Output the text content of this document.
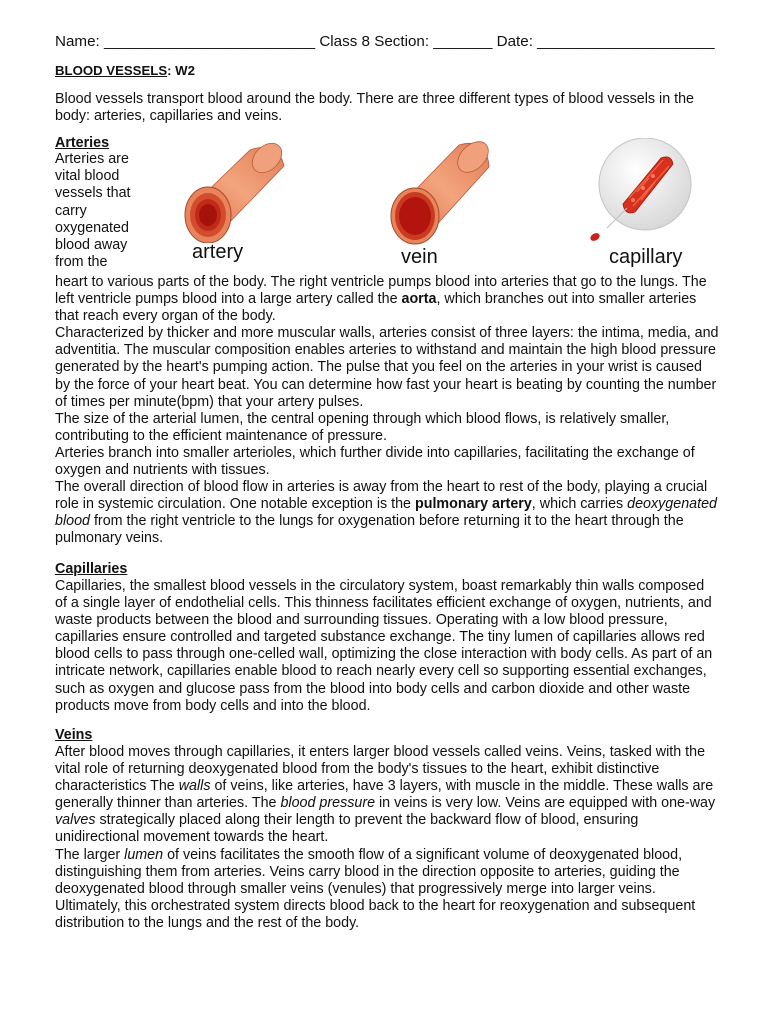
Name: _________________________ Class 8 Section: _______ Date: _____________________
BLOOD VESSELS: W2
Blood vessels transport blood around the body. There are three different types of blood vessels in the body: arteries, capillaries and veins.
Arteries
Arteries are
vital blood
vessels that
carry
oxygenated
blood away
from the	artery	vein	capillary

heart to various parts of the body. The right ventricle pumps blood into arteries that go to the lungs. The left ventricle pumps blood into a large artery called the aorta, which branches out into smaller arteries that reach every organ of the body.

Characterized by thicker and more muscular walls, arteries consist of three layers: the intima, media, and adventitia. The muscular composition enables arteries to withstand and maintain the high blood pressure generated by the heart's pumping action. The pulse that you feel on the arteries in your wrist is caused by the force of your heart beat. You can determine how fast your heart is beating by counting the number of times per minute(bpm) that your artery pulses.

The size of the arterial lumen, the central opening through which blood flows, is relatively smaller, contributing to the efficient maintenance of pressure.

Arteries branch into smaller arterioles, which further divide into capillaries, facilitating the exchange of oxygen and nutrients with tissues.

The overall direction of blood flow in arteries is away from the heart to rest of the body, playing a crucial role in systemic circulation. One notable exception is the pulmonary artery, which carries deoxygenated blood from the right ventricle to the lungs for oxygenation before returning it to the heart through the pulmonary veins.

Capillaries
Capillaries, the smallest blood vessels in the circulatory system, boast remarkably thin walls composed of a single layer of endothelial cells. This thinness facilitates efficient exchange of oxygen, nutrients, and waste products between the blood and surrounding tissues. Operating with a low blood pressure, capillaries ensure controlled and targeted substance exchange. The tiny lumen of capillaries allows red blood cells to pass through one-celled wall, optimizing the close interaction with body cells. As part of an intricate network, capillaries enable blood to reach nearly every cell so supporting essential exchanges, such as oxygen and glucose pass from the blood into body cells and carbon dioxide and other waste products move from body cells and into the blood.
Veins

After blood moves through capillaries, it enters larger blood vessels called veins. Veins, tasked with the vital role of returning deoxygenated blood from the body's tissues to the heart, exhibit distinctive characteristics The walls of veins, like arteries, have 3 layers, with muscle in the middle. These walls are generally thinner than arteries. The blood pressure in veins is very low. Veins are equipped with one-way valves strategically placed along their length to prevent the backward flow of blood, ensuring unidirectional movement towards the heart.

The larger lumen of veins facilitates the smooth flow of a significant volume of deoxygenated blood, distinguishing them from arteries. Veins carry blood in the direction opposite to arteries, guiding the deoxygenated blood through smaller veins (venules) that progressively merge into larger veins. Ultimately, this orchestrated system directs blood back to the heart for reoxygenation and subsequent distribution to the lungs and the rest of the body.
